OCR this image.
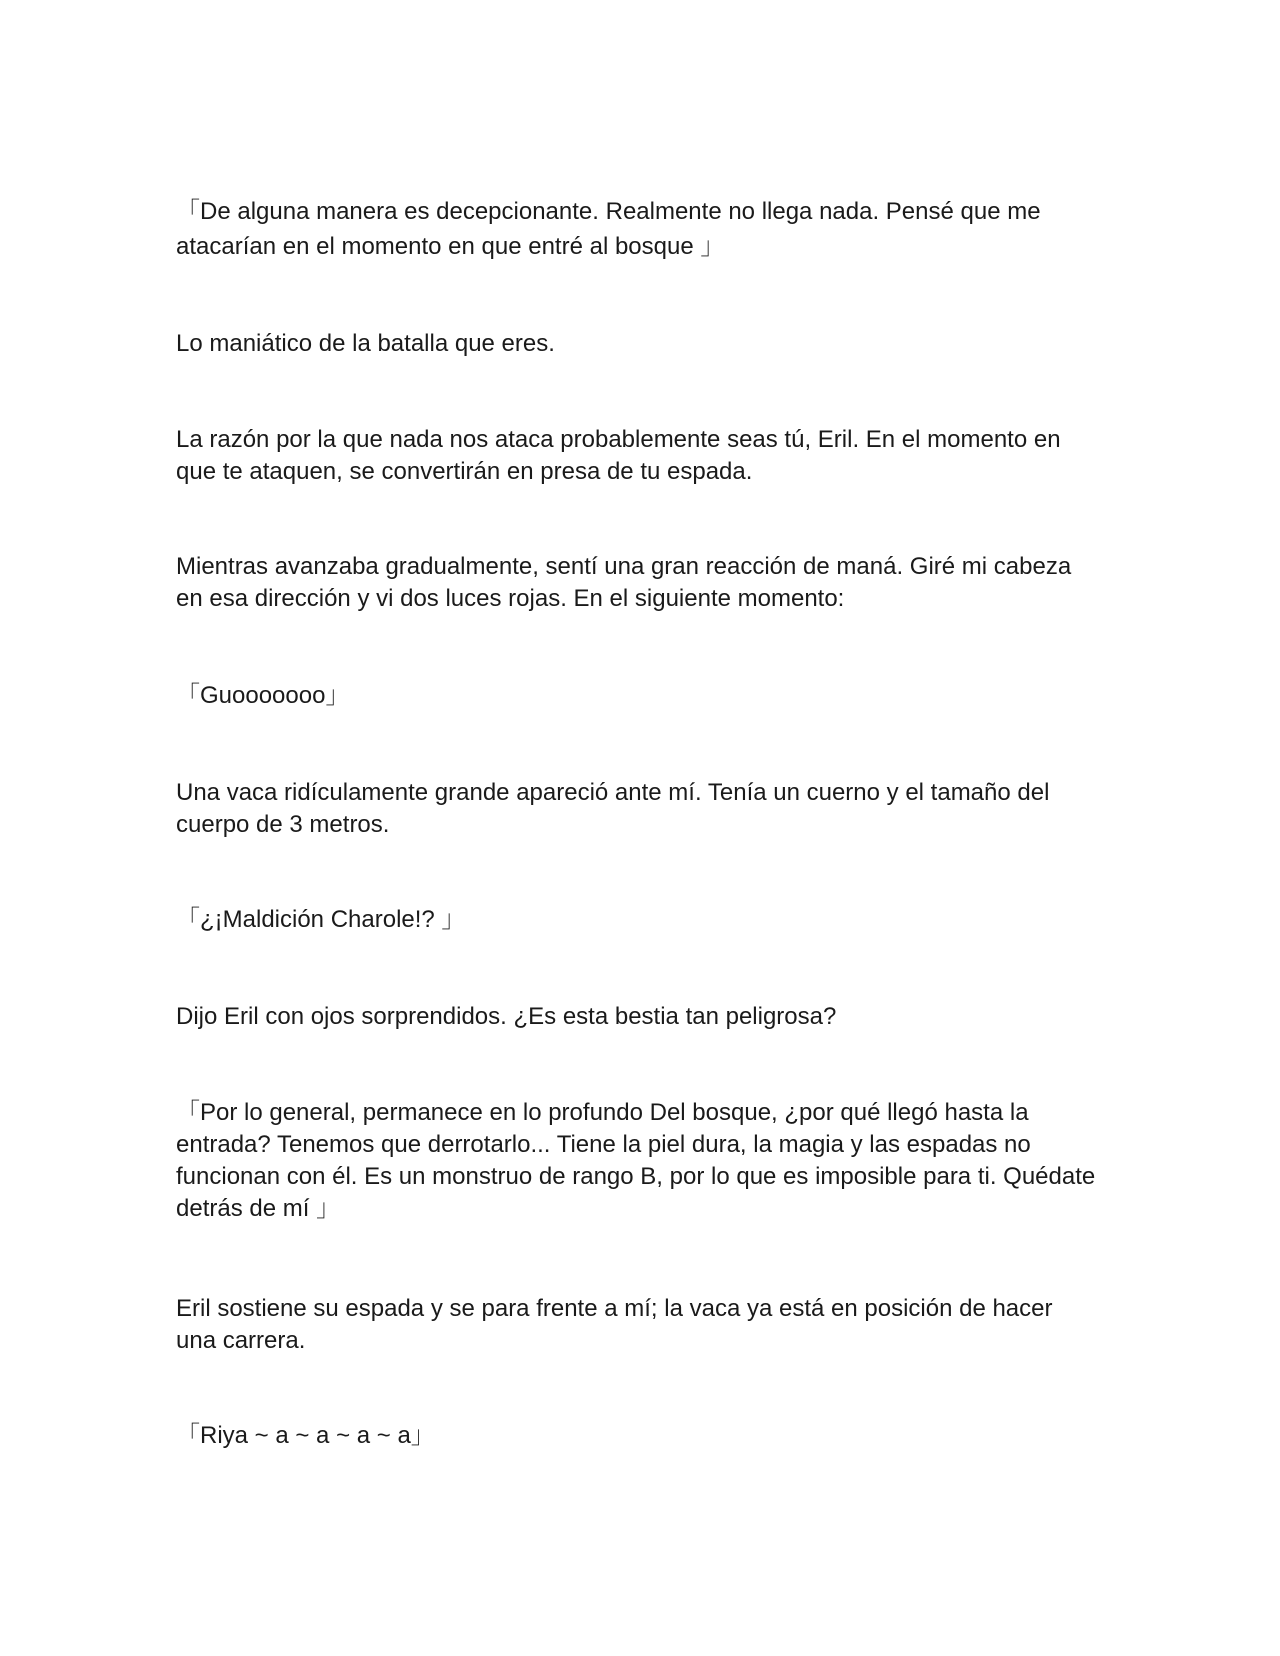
「De alguna manera es decepcionante. Realmente no llega nada. Pensé que me atacarían en el momento en que entré al bosque 」

Lo maniático de la batalla que eres.

La razón por la que nada nos ataca probablemente seas tú, Eril. En el momento en que te ataquen, se convertirán en presa de tu espada.

Mientras avanzaba gradualmente, sentí una gran reacción de maná. Giré mi cabeza en esa dirección y vi dos luces rojas. En el siguiente momento:

「Guooooooo」

Una vaca ridículamente grande apareció ante mí. Tenía un cuerno y el tamaño del cuerpo de 3 metros.

「¿¡Maldición Charole!? 」

Dijo Eril con ojos sorprendidos. ¿Es esta bestia tan peligrosa?

「Por lo general, permanece en lo profundo Del bosque, ¿por qué llegó hasta la entrada? Tenemos que derrotarlo... Tiene la piel dura, la magia y las espadas no funcionan con él. Es un monstruo de rango B, por lo que es imposible para ti. Quédate detrás de mí 」

Eril sostiene su espada y se para frente a mí; la vaca ya está en posición de hacer una carrera.

「Riya ~ a ~ a ~ a ~ a」
